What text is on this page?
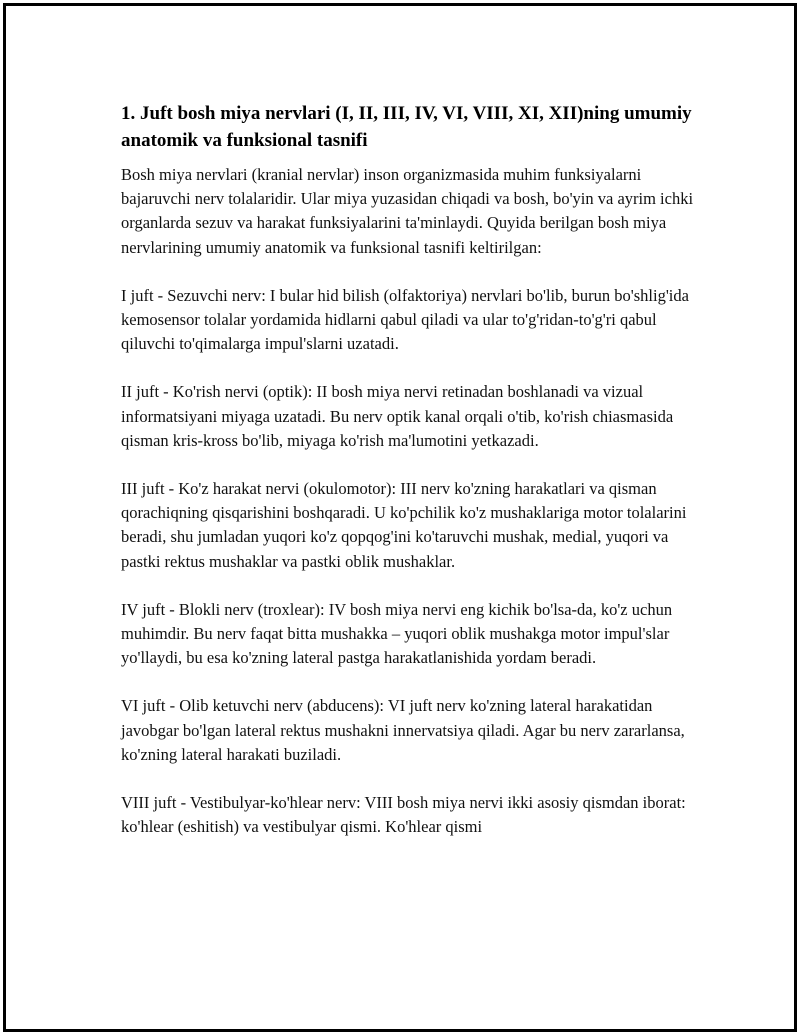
1. Juft bosh miya nervlari (I, II, III, IV, VI, VIII, XI, XII)ning umumiy anatomik va funksional tasnifi

Bosh miya nervlari (kranial nervlar) inson organizmasida muhim funksiyalarni bajaruvchi nerv tolalaridir. Ular miya yuzasidan chiqadi va bosh, bo'yin va ayrim ichki organlarda sezuv va harakat funksiyalarini ta'minlaydi. Quyida berilgan bosh miya nervlarining umumiy anatomik va funksional tasnifi keltirilgan:

I juft - Sezuvchi nerv: I bular hid bilish (olfaktoriya) nervlari bo'lib, burun bo'shlig'ida kemosensor tolalar yordamida hidlarni qabul qiladi va ular to'g'ridan-to'g'ri qabul qiluvchi to'qimalarga impul'slarni uzatadi.

II juft - Ko'rish nervi (optik): II bosh miya nervi retinadan boshlanadi va vizual informatsiyani miyaga uzatadi. Bu nerv optik kanal orqali o'tib, ko'rish chiasmasida qisman kris-kross bo'lib, miyaga ko'rish ma'lumotini yetkazadi.

III juft - Ko'z harakat nervi (okulomotor): III nerv ko'zning harakatlari va qisman qorachiqning qisqarishini boshqaradi. U ko'pchilik ko'z mushaklariga motor tolalarini beradi, shu jumladan yuqori ko'z qopqog'ini ko'taruvchi mushak, medial, yuqori va pastki rektus mushaklar va pastki oblik mushaklar.

IV juft - Blokli nerv (troxlear): IV bosh miya nervi eng kichik bo'lsa-da, ko'z uchun muhimdir. Bu nerv faqat bitta mushakka – yuqori oblik mushakga motor impul'slar yo'llaydi, bu esa ko'zning lateral pastga harakatlanishida yordam beradi.

VI juft - Olib ketuvchi nerv (abducens): VI juft nerv ko'zning lateral harakatidan javobgar bo'lgan lateral rektus mushakni innervatsiya qiladi. Agar bu nerv zararlansa, ko'zning lateral harakati buziladi.

VIII juft - Vestibulyar-ko'hlear nerv: VIII bosh miya nervi ikki asosiy qismdan iborat: ko'hlear (eshitish) va vestibulyar qismi. Ko'hlear qismi
